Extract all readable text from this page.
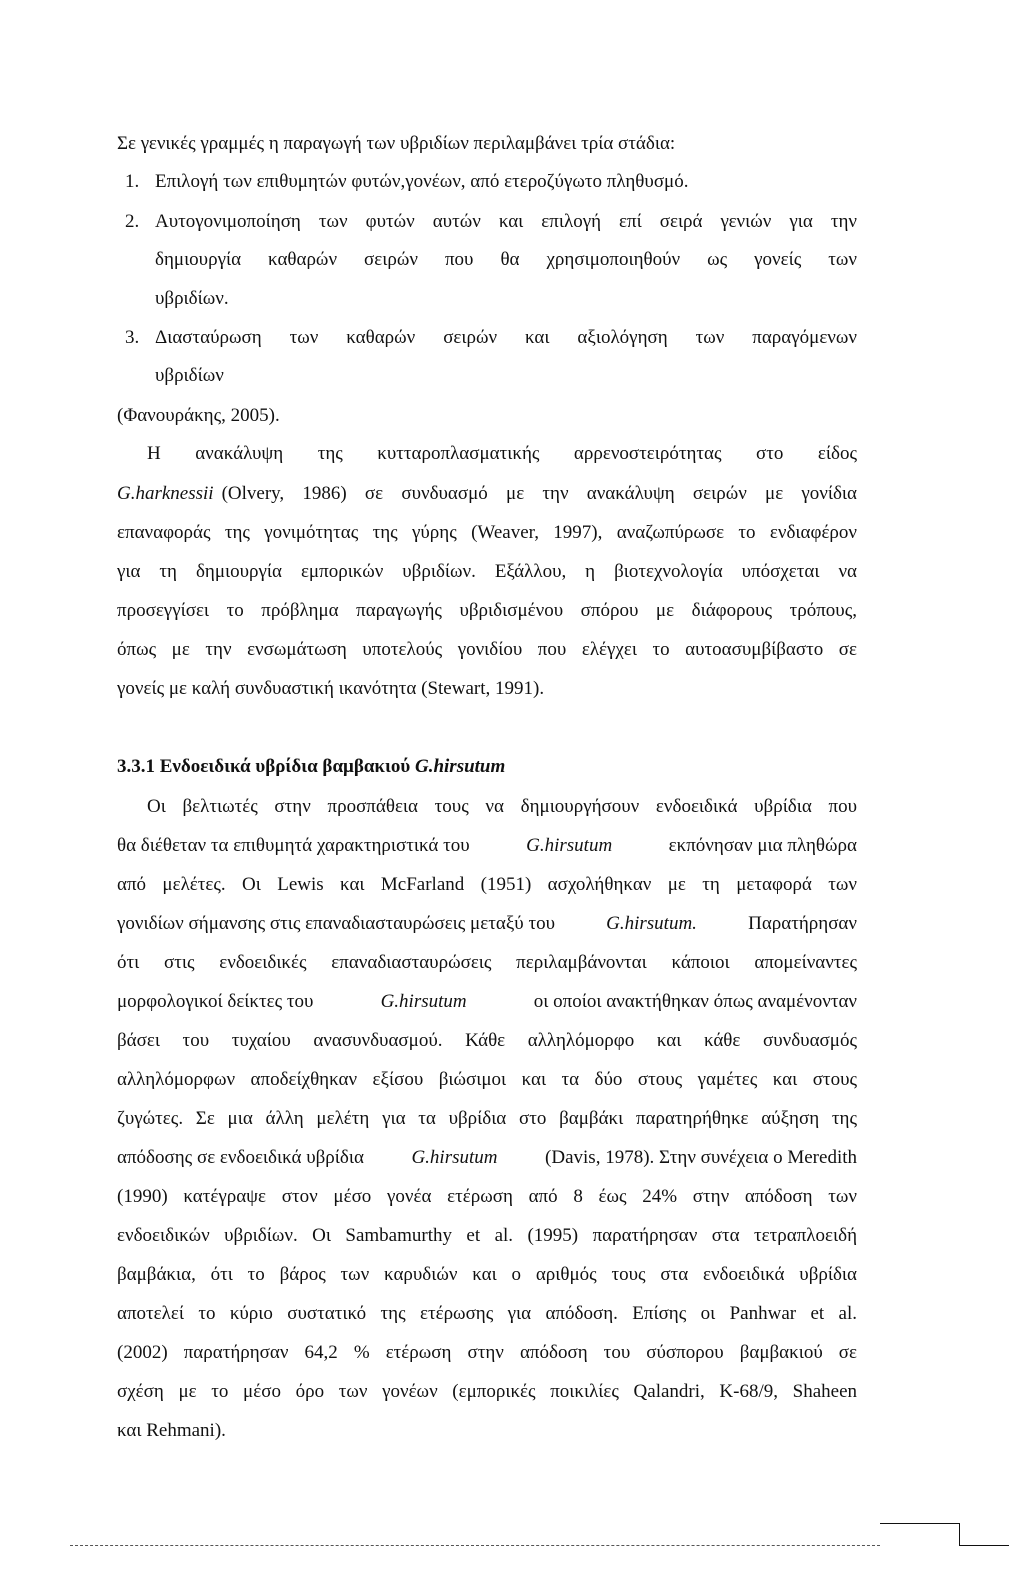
Σε γενικές γραμμές η παραγωγή των υβριδίων περιλαμβάνει τρία στάδια:
1. Επιλογή των επιθυμητών φυτών,γονέων, από ετεροζύγωτο πληθυσμό.
2. Αυτογονιμοποίηση των φυτών αυτών και επιλογή επί σειρά γενιών για την
δημιουργία καθαρών σειρών που θα χρησιμοποιηθούν ως γονείς των
υβριδίων.
3. Διασταύρωση των καθαρών σειρών και αξιολόγηση των παραγόμενων
υβριδίων
(Φανουράκης, 2005).
Η ανακάλυψη της κυτταροπλασματικής αρρενοστειρότητας στο είδος
G.harknessii (Olvery, 1986) σε συνδυασμό με την ανακάλυψη σειρών με γονίδια
επαναφοράς της γονιμότητας της γύρης (Weaver, 1997), αναζωπύρωσε το ενδιαφέρον
για τη δημιουργία εμπορικών υβριδίων. Εξάλλου, η βιοτεχνολογία υπόσχεται να
προσεγγίσει το πρόβλημα παραγωγής υβριδισμένου σπόρου με διάφορους τρόπους,
όπως με την ενσωμάτωση υποτελούς γονιδίου που ελέγχει το αυτοασυμβίβαστο σε
γονείς με καλή συνδυαστική ικανότητα (Stewart, 1991).
3.3.1 Ενδοειδικά υβρίδια βαμβακιού G.hirsutum
Οι βελτιωτές στην προσπάθεια τους να δημιουργήσουν ενδοειδικά υβρίδια που
θα διέθεταν τα επιθυμητά χαρακτηριστικά του	G.hirsutum	εκπόνησαν μια πληθώρα
από μελέτες. Οι Lewis και McFarland (1951) ασχολήθηκαν με τη μεταφορά των
γονιδίων σήμανσης στις επαναδιασταυρώσεις μεταξύ του	G.hirsutum.	Παρατήρησαν
ότι στις ενδοειδικές επαναδιασταυρώσεις περιλαμβάνονται κάποιοι απομείναντες
μορφολογικοί δείκτες του	G.hirsutum	οι οποίοι ανακτήθηκαν όπως αναμένονταν
βάσει του τυχαίου ανασυνδυασμού. Κάθε αλληλόμορφο και κάθε συνδυασμός
αλληλόμορφων αποδείχθηκαν εξίσου βιώσιμοι και τα δύο στους γαμέτες και στους
ζυγώτες. Σε μια άλλη μελέτη για τα υβρίδια στο βαμβάκι παρατηρήθηκε αύξηση της
απόδοσης σε ενδοειδικά υβρίδια	G.hirsutum	(Davis, 1978). Στην συνέχεια ο Meredith
(1990) κατέγραψε στον μέσο γονέα ετέρωση από 8 έως 24% στην απόδοση των
ενδοειδικών υβριδίων. Οι Sambamurthy et al. (1995) παρατήρησαν στα τετραπλοειδή
βαμβάκια, ότι το βάρος των καρυδιών και ο αριθμός τους στα ενδοειδικά υβρίδια
αποτελεί το κύριο συστατικό της ετέρωσης για απόδοση. Επίσης οι Panhwar et al.
(2002) παρατήρησαν 64,2 % ετέρωση στην απόδοση του σύσπορου βαμβακιού σε
σχέση με το μέσο όρο των γονέων (εμπορικές ποικιλίες Qalandri, K-68/9, Shaheen
και Rehmani).
